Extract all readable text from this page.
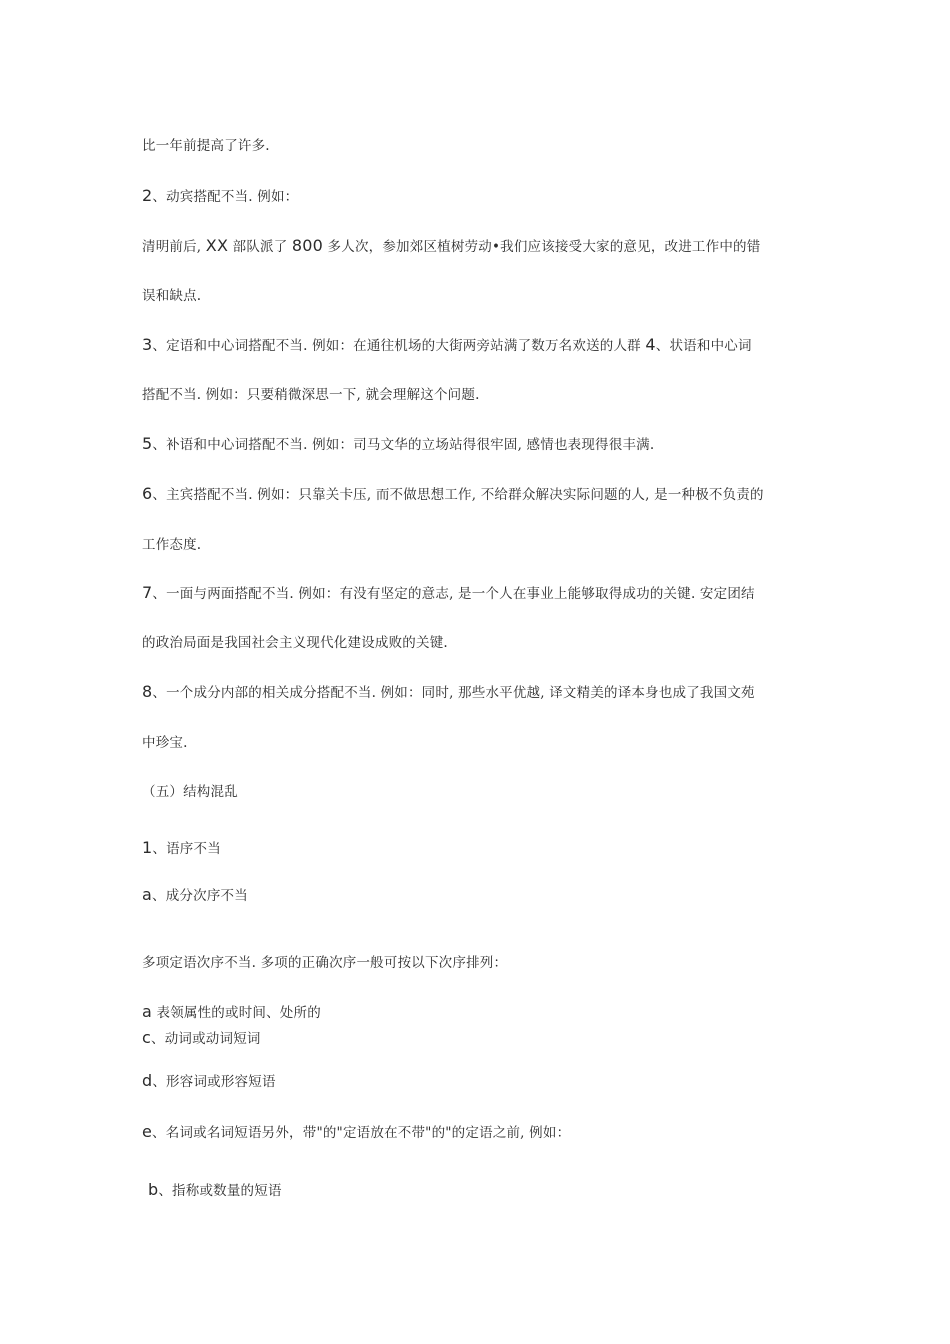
比一年前提高了许多.
2、动宾搭配不当. 例如：
清明前后, XX 部队派了 800 多人次，参加郊区植树劳动•我们应该接受大家的意见，改进工作中的错
误和缺点.
3、定语和中心词搭配不当. 例如：在通往机场的大街两旁站满了数万名欢送的人群 4、状语和中心词
搭配不当. 例如：只要稍微深思一下, 就会理解这个问题.
5、补语和中心词搭配不当. 例如：司马文华的立场站得很牢固, 感情也表现得很丰满.
6、主宾搭配不当. 例如：只靠关卡压, 而不做思想工作, 不给群众解决实际问题的人, 是一种极不负责的
工作态度.
7、一面与两面搭配不当. 例如：有没有坚定的意志, 是一个人在事业上能够取得成功的关键. 安定团结
的政治局面是我国社会主义现代化建设成败的关键.
8、一个成分内部的相关成分搭配不当. 例如：同时, 那些水平优越, 译文精美的译本身也成了我国文苑
中珍宝.
（五）结构混乱
1、语序不当
a、成分次序不当
多项定语次序不当. 多项的正确次序一般可按以下次序排列：
a 表领属性的或时间、处所的
c、动词或动词短词
d、形容词或形容短语
e、名词或名词短语另外，带"的"定语放在不带"的"的定语之前, 例如：
b、指称或数量的短语
